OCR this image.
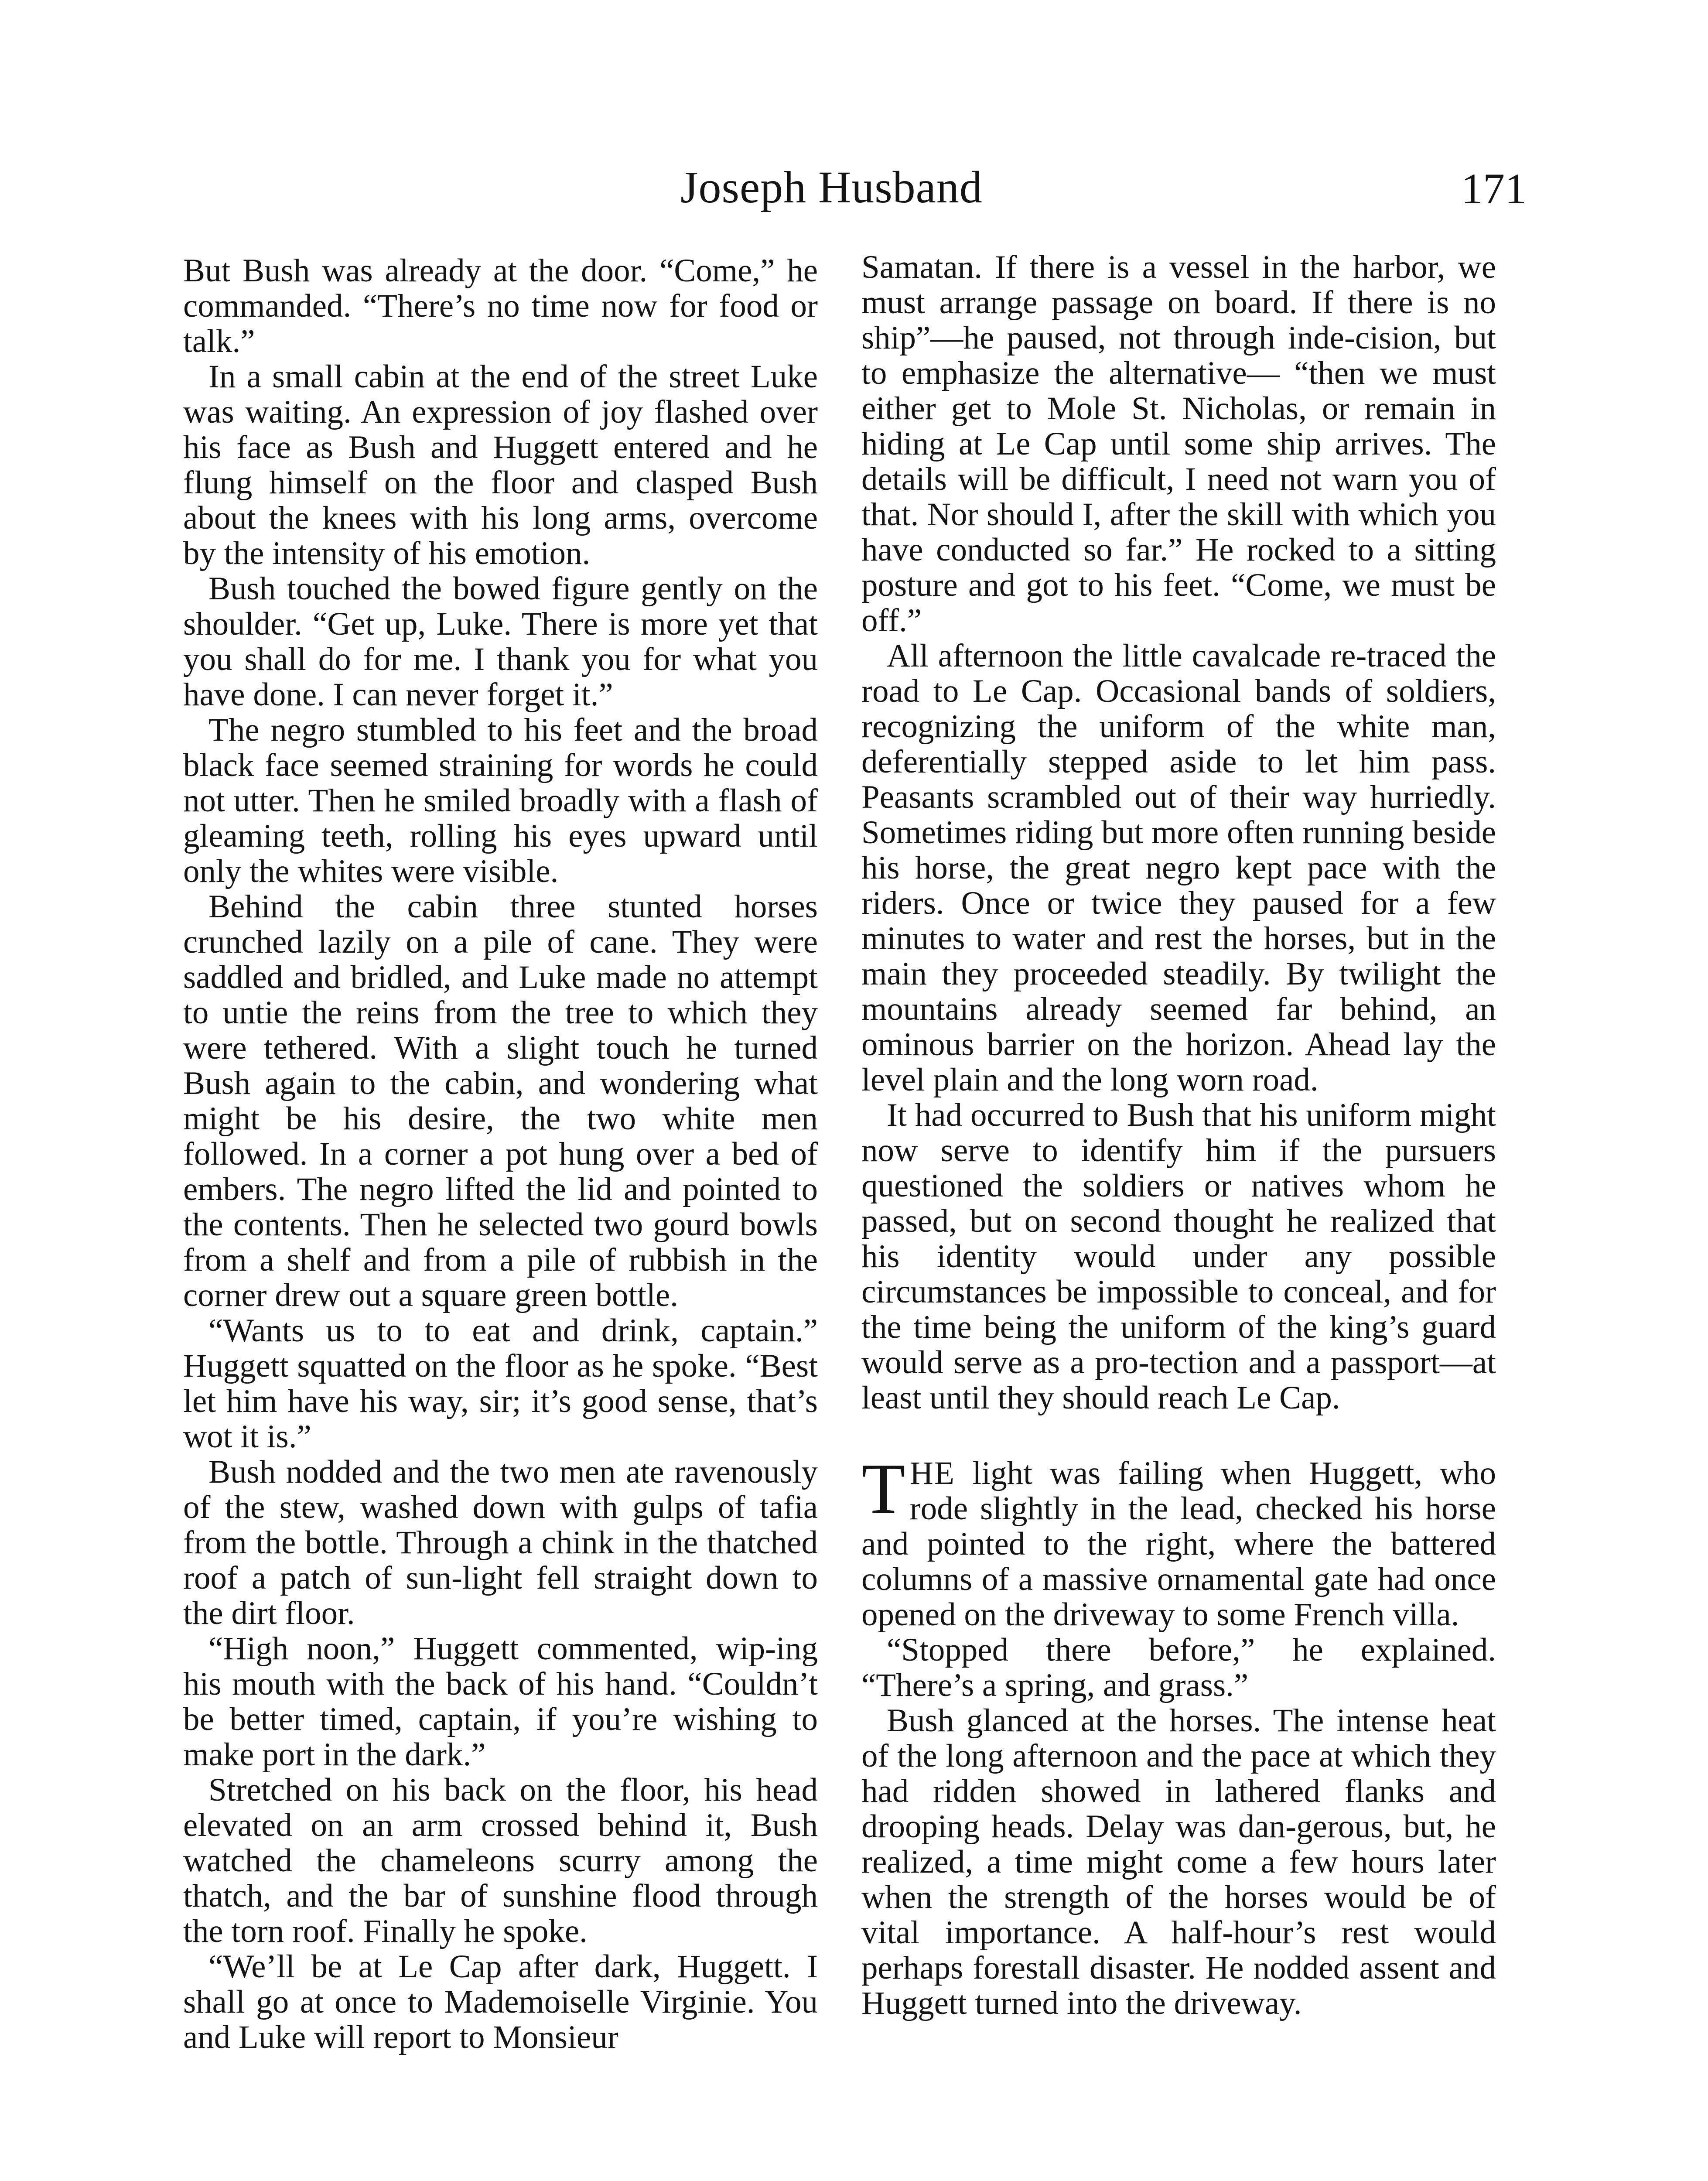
Joseph Husband	171

But Bush was already at the door. “Come,” he commanded. “There’s no time now for food or talk.”

In a small cabin at the end of the street Luke was waiting. An expression of joy flashed over his face as Bush and Huggett entered and he flung himself on the floor and clasped Bush about the knees with his long arms, overcome by the intensity of his emotion.

Bush touched the bowed figure gently on the shoulder. “Get up, Luke. There is more yet that you shall do for me. I thank you for what you have done. I can never forget it.”

The negro stumbled to his feet and the broad black face seemed straining for words he could not utter. Then he smiled broadly with a flash of gleaming teeth, rolling his eyes upward until only the whites were visible.

Behind the cabin three stunted horses crunched lazily on a pile of cane. They were saddled and bridled, and Luke made no attempt to untie the reins from the tree to which they were tethered. With a slight touch he turned Bush again to the cabin, and wondering what might be his desire, the two white men followed. In a corner a pot hung over a bed of embers. The negro lifted the lid and pointed to the contents. Then he selected two gourd bowls from a shelf and from a pile of rubbish in the corner drew out a square green bottle.

“Wants us to to eat and drink, captain.” Huggett squatted on the floor as he spoke. “Best let him have his way, sir; it’s good sense, that’s wot it is.”

Bush nodded and the two men ate ravenously of the stew, washed down with gulps of tafia from the bottle. Through a chink in the thatched roof a patch of sun-light fell straight down to the dirt floor.

“High noon,” Huggett commented, wip-ing his mouth with the back of his hand. “Couldn’t be better timed, captain, if you’re wishing to make port in the dark.”

Stretched on his back on the floor, his head elevated on an arm crossed behind it, Bush watched the chameleons scurry among the thatch, and the bar of sunshine flood through the torn roof. Finally he spoke.

“We’ll be at Le Cap after dark, Huggett. I shall go at once to Mademoiselle Virginie. You and Luke will report to Monsieur

Samatan. If there is a vessel in the harbor, we must arrange passage on board. If there is no ship”—he paused, not through inde-cision, but to emphasize the alternative— “then we must either get to Mole St. Nicholas, or remain in hiding at Le Cap until some ship arrives. The details will be difficult, I need not warn you of that. Nor should I, after the skill with which you have conducted so far.” He rocked to a sitting posture and got to his feet. “Come, we must be off.”

All afternoon the little cavalcade re-traced the road to Le Cap. Occasional bands of soldiers, recognizing the uniform of the white man, deferentially stepped aside to let him pass. Peasants scrambled out of their way hurriedly. Sometimes riding but more often running beside his horse, the great negro kept pace with the riders. Once or twice they paused for a few minutes to water and rest the horses, but in the main they proceeded steadily. By twilight the mountains already seemed far behind, an ominous barrier on the horizon. Ahead lay the level plain and the long worn road.

It had occurred to Bush that his uniform might now serve to identify him if the pursuers questioned the soldiers or natives whom he passed, but on second thought he realized that his identity would under any possible circumstances be impossible to conceal, and for the time being the uniform of the king’s guard would serve as a pro-tection and a passport—at least until they should reach Le Cap.

THE light was failing when Huggett, who rode slightly in the lead, checked his horse and pointed to the right, where the battered columns of a massive ornamental gate had once opened on the driveway to some French villa.

“Stopped there before,” he explained. “There’s a spring, and grass.”

Bush glanced at the horses. The intense heat of the long afternoon and the pace at which they had ridden showed in lathered flanks and drooping heads. Delay was dan-gerous, but, he realized, a time might come a few hours later when the strength of the horses would be of vital importance. A half-hour’s rest would perhaps forestall disaster. He nodded assent and Huggett turned into the driveway.
